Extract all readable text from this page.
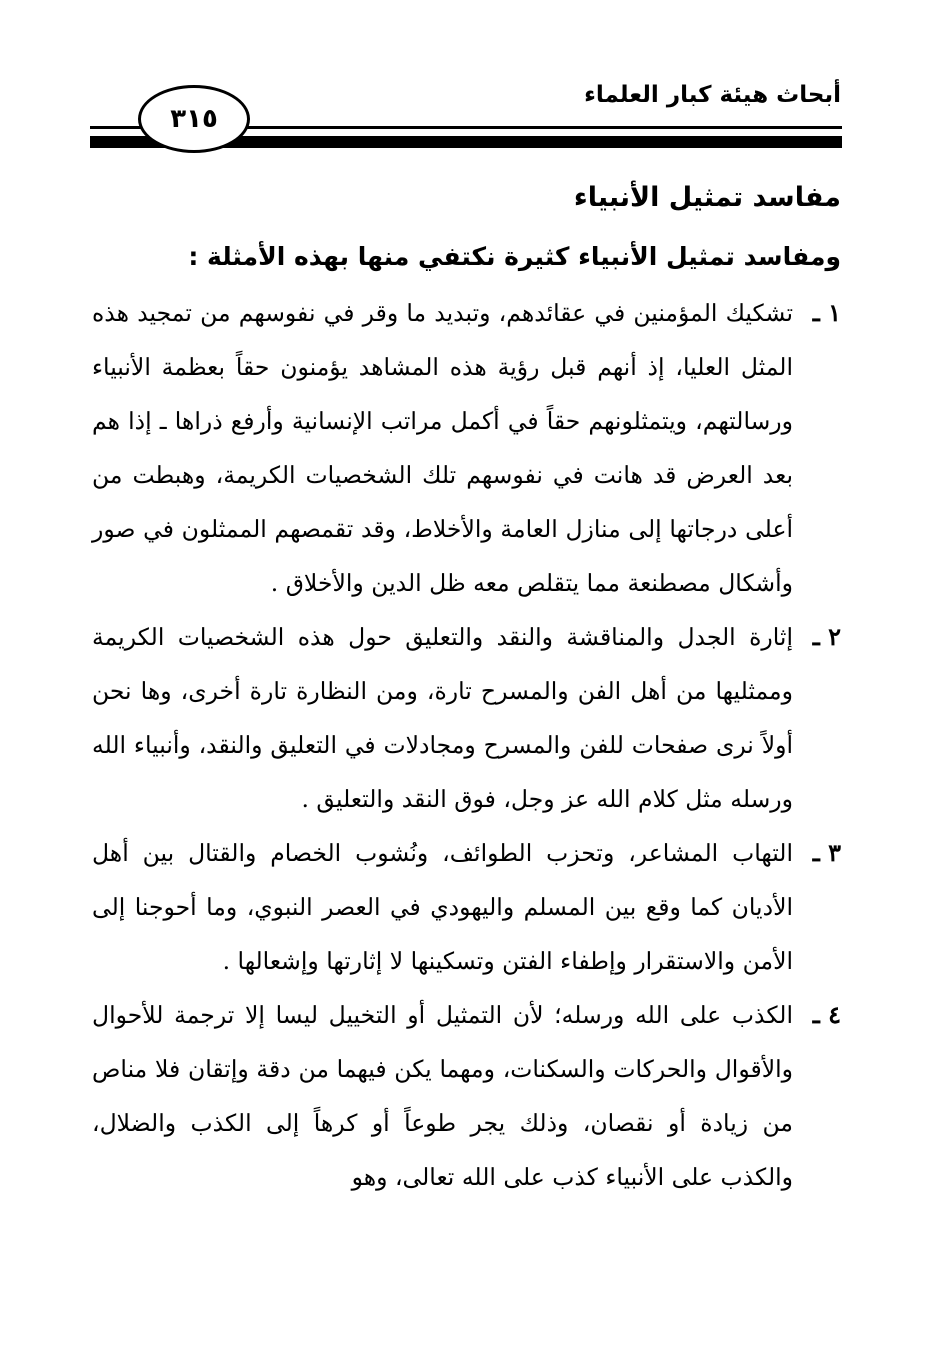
أبحاث هيئة كبار العلماء
٣١٥
مفاسد تمثيل الأنبياء

ومفاسد تمثيل الأنبياء كثيرة نكتفي منها بهذه الأمثلة :

١ ـ
تشكيك المؤمنين في عقائدهم، وتبديد ما وقر في نفوسهم من تمجيد هذه المثل العليا، إذ أنهم قبل رؤية هذه المشاهد يؤمنون حقاً بعظمة الأنبياء ورسالتهم، ويتمثلونهم حقاً في أكمل مراتب الإنسانية وأرفع ذراها ـ إذا هم بعد العرض قد هانت في نفوسهم تلك الشخصيات الكريمة، وهبطت من أعلى درجاتها إلى منازل العامة والأخلاط، وقد تقمصهم الممثلون في صور وأشكال مصطنعة مما يتقلص معه ظل الدين والأخلاق .
٢ ـ
إثارة الجدل والمناقشة والنقد والتعليق حول هذه الشخصيات الكريمة وممثليها من أهل الفن والمسرح تارة، ومن النظارة تارة أخرى، وها نحن أولاً نرى صفحات للفن والمسرح ومجادلات في التعليق والنقد، وأنبياء الله ورسله مثل كلام الله عز وجل، فوق النقد والتعليق .
٣ ـ
التهاب المشاعر، وتحزب الطوائف، ونُشوب الخصام والقتال بين أهل الأديان كما وقع بين المسلم واليهودي في العصر النبوي، وما أحوجنا إلى الأمن والاستقرار وإطفاء الفتن وتسكينها لا إثارتها وإشعالها .
٤ ـ
الكذب على الله ورسله؛ لأن التمثيل أو التخييل ليسا إلا ترجمة للأحوال والأقوال والحركات والسكنات، ومهما يكن فيهما من دقة وإتقان فلا مناص من زيادة أو نقصان، وذلك يجر طوعاً أو كرهاً إلى الكذب والضلال، والكذب على الأنبياء كذب على الله تعالى، وهو
